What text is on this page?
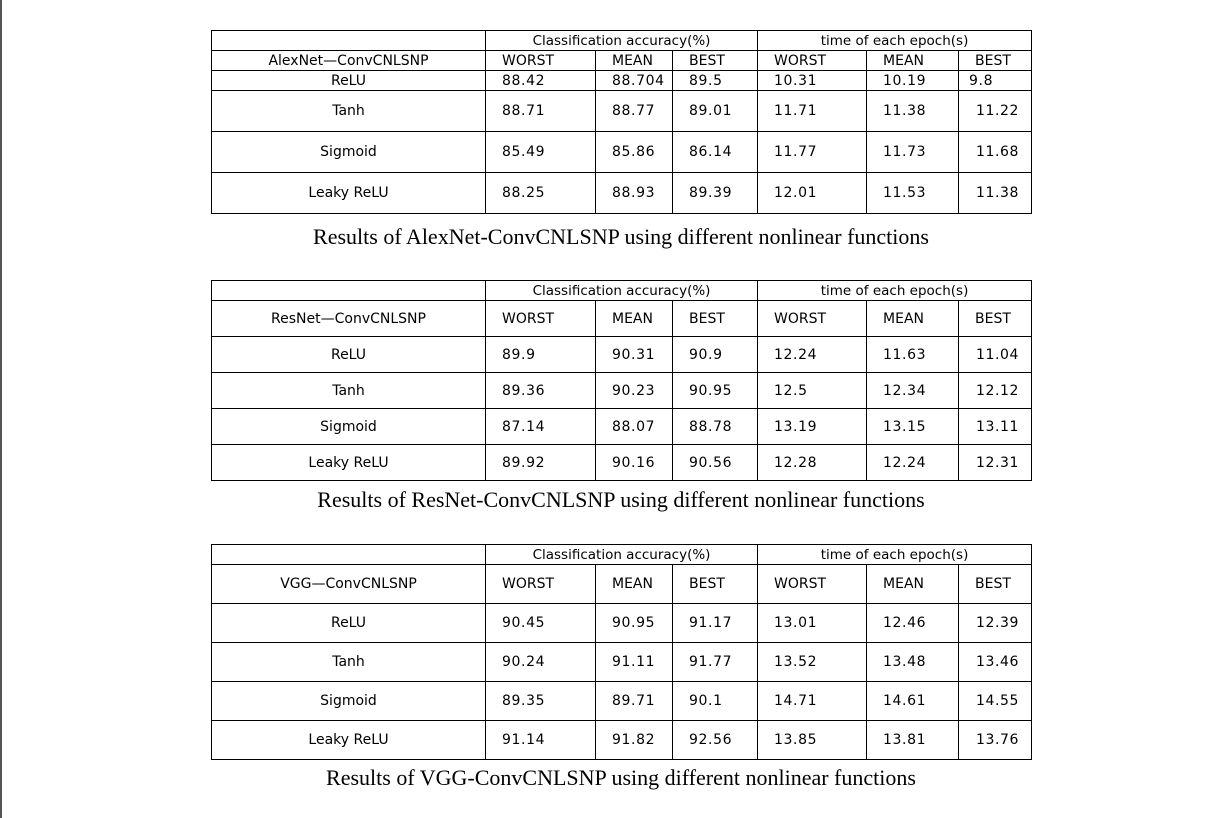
	Classification accuracy(%)			time of each epoch(s)		
AlexNet—ConvCNLSNP	WORST	MEAN	BEST	WORST	MEAN	BEST
ReLU	88.42	88.704	89.5	10.31	10.19	9.8
Tanh	88.71	88.77	89.01	11.71	11.38	11.22
Sigmoid	85.49	85.86	86.14	11.77	11.73	11.68
Leaky ReLU	88.25	88.93	89.39	12.01	11.53	11.38
Results of AlexNet-ConvCNLSNP using different nonlinear functions
	Classification accuracy(%)			time of each epoch(s)		
ResNet—ConvCNLSNP	WORST	MEAN	BEST	WORST	MEAN	BEST
ReLU	89.9	90.31	90.9	12.24	11.63	11.04
Tanh	89.36	90.23	90.95	12.5	12.34	12.12
Sigmoid	87.14	88.07	88.78	13.19	13.15	13.11
Leaky ReLU	89.92	90.16	90.56	12.28	12.24	12.31
Results of ResNet-ConvCNLSNP using different nonlinear functions
	Classification accuracy(%)			time of each epoch(s)		
VGG—ConvCNLSNP	WORST	MEAN	BEST	WORST	MEAN	BEST
ReLU	90.45	90.95	91.17	13.01	12.46	12.39
Tanh	90.24	91.11	91.77	13.52	13.48	13.46
Sigmoid	89.35	89.71	90.1	14.71	14.61	14.55
Leaky ReLU	91.14	91.82	92.56	13.85	13.81	13.76
Results of VGG-ConvCNLSNP using different nonlinear functions
